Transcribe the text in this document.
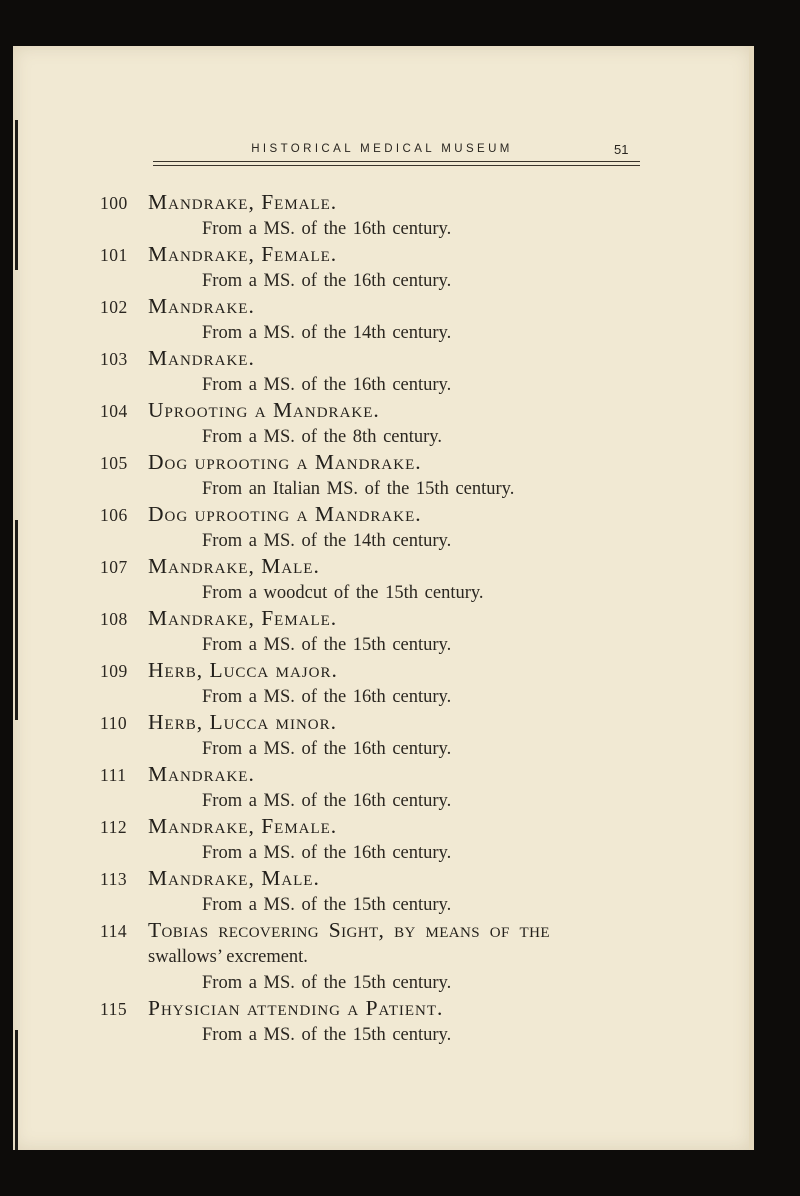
HISTORICAL MEDICAL MUSEUM	51
100 Mandrake, Female.
From a MS. of the 16th century.
101 Mandrake, Female.
From a MS. of the 16th century.
102 Mandrake.
From a MS. of the 14th century.
103 Mandrake.
From a MS. of the 16th century.
104 Uprooting a Mandrake.
From a MS. of the 8th century.
105 Dog uprooting a Mandrake.
From an Italian MS. of the 15th century.
106 Dog uprooting a Mandrake.
From a MS. of the 14th century.
107 Mandrake, Male.
From a woodcut of the 15th century.
108 Mandrake, Female.
From a MS. of the 15th century.
109 Herb, Lucca major.
From a MS. of the 16th century.
110 Herb, Lucca minor.
From a MS. of the 16th century.
111 Mandrake.
From a MS. of the 16th century.
112 Mandrake, Female.
From a MS. of the 16th century.
113 Mandrake, Male.
From a MS. of the 15th century.
114 Tobias recovering Sight, by means of the
swallows’ excrement.
From a MS. of the 15th century.
115 Physician attending a Patient.
From a MS. of the 15th century.
